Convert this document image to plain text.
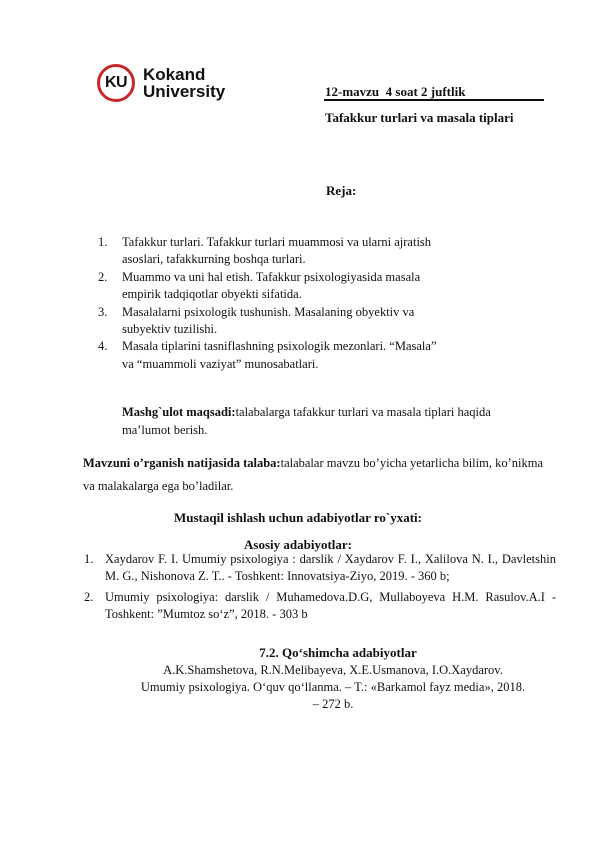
KU Kokand
University	12-mavzu  4 soat 2 juftlik
Tafakkur turlari va masala tiplari
Reja:
1. Tafakkur turlari. Tafakkur turlari muammosi va ularni ajratish
asoslari, tafakkurning boshqa turlari.
2. Muammo va uni hal etish. Tafakkur psixologiyasida masala
empirik tadqiqotlar obyekti sifatida.
3. Masalalarni psixologik tushunish. Masalaning obyektiv va
subyektiv tuzilishi.
4. Masala tiplarini tasniflashning psixologik mezonlari. “Masala”
va “muammoli vaziyat” munosabatlari.
Mashg`ulot maqsadi:talabalarga tafakkur turlari va masala tiplari haqida ma’lumot berish.
Mavzuni o’rganish natijasida talaba:talabalar mavzu bo’yicha yetarlicha bilim, ko’nikma va malakalarga ega bo’ladilar.
Mustaqil ishlash uchun adabiyotlar ro`yxati:
Asosiy adabiyotlar:
1. Xaydarov F. I. Umumiy psixologiya : darslik / Xaydarov F. I., Xalilova N. I., Davletshin M. G., Nishonova Z. T.. - Toshkent: Innovatsiya-Ziyo, 2019. - 360 b;
2. Umumiy psixologiya: darslik / Muhamedova.D.G, Mullaboyeva H.M. Rasulov.A.I - Toshkent: ”Mumtoz so‘z”, 2018. - 303 b
7.2. Qo‘shimcha adabiyotlar
A.K.Shamshetova, R.N.Melibayeva, X.E.Usmanova, I.O.Xaydarov.
Umumiy psixologiya. O‘quv qo‘llanma. – T.: «Barkamol fayz media», 2018.
– 272 b.
